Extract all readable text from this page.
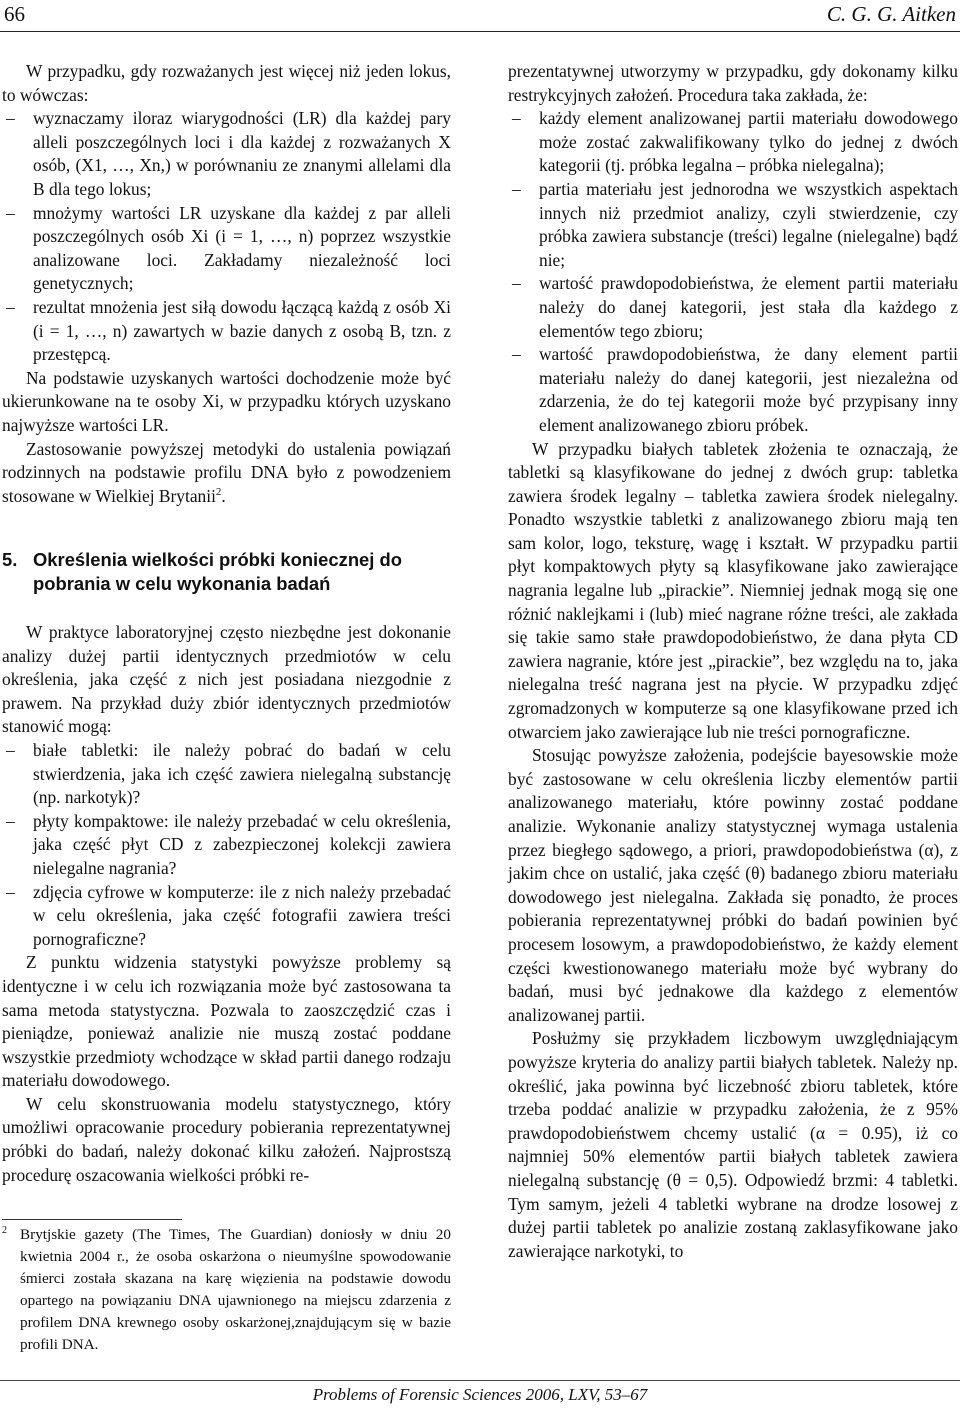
66	C. G. G. Aitken

W przypadku, gdy rozważanych jest więcej niż jeden lokus, to wówczas:

– wyznaczamy iloraz wiarygodności (LR) dla każdej pary alleli poszczególnych loci i dla każdej z rozważanych X osób, (X1, …, Xn,) w porównaniu ze znanymi allelami dla B dla tego lokus;

– mnożymy wartości LR uzyskane dla każdej z par alleli poszczególnych osób Xi (i = 1, …, n) poprzez wszystkie analizowane loci. Zakładamy niezależność loci genetycznych;

– rezultat mnożenia jest siłą dowodu łączącą każdą z osób Xi (i = 1, …, n) zawartych w bazie danych z osobą B, tzn. z przestępcą.

Na podstawie uzyskanych wartości dochodzenie może być ukierunkowane na te osoby Xi, w przypadku których uzyskano najwyższe wartości LR.

Zastosowanie powyższej metodyki do ustalenia powiązań rodzinnych na podstawie profilu DNA było z powodzeniem stosowane w Wielkiej Brytanii$^2$.

5. Określenia wielkości próbki koniecznej do pobrania w celu wykonania badań

W praktyce laboratoryjnej często niezbędne jest dokonanie analizy dużej partii identycznych przedmiotów w celu określenia, jaka część z nich jest posiadana niezgodnie z prawem. Na przykład duży zbiór identycznych przedmiotów stanowić mogą:

– białe tabletki: ile należy pobrać do badań w celu stwierdzenia, jaka ich część zawiera nielegalną substancję (np. narkotyk)?

– płyty kompaktowe: ile należy przebadać w celu określenia, jaka część płyt CD z zabezpieczonej kolekcji zawiera nielegalne nagrania?

– zdjęcia cyfrowe w komputerze: ile z nich należy przebadać w celu określenia, jaka część fotografii zawiera treści pornograficzne?

Z punktu widzenia statystyki powyższe problemy są identyczne i w celu ich rozwiązania może być zastosowana ta sama metoda statystyczna. Pozwala to zaoszczędzić czas i pieniądze, ponieważ analizie nie muszą zostać poddane wszystkie przedmioty wchodzące w skład partii danego rodzaju materiału dowodowego.

W celu skonstruowania modelu statystycznego, który umożliwi opracowanie procedury pobierania reprezentatywnej próbki do badań, należy dokonać kilku założeń. Najprostszą procedurę oszacowania wielkości próbki re-

2 Brytjskie gazety (The Times, The Guardian) doniosły w dniu 20 kwietnia 2004 r., że osoba oskarżona o nieumyślne spowodowanie śmierci została skazana na karę więzienia na podstawie dowodu opartego na powiązaniu DNA ujawnionego na miejscu zdarzenia z profilem DNA krewnego osoby oskarżonej,znajdującym się w bazie profili DNA.

prezentatywnej utworzymy w przypadku, gdy dokonamy kilku restrykcyjnych założeń. Procedura taka zakłada, że:

– każdy element analizowanej partii materiału dowodowego może zostać zakwalifikowany tylko do jednej z dwóch kategorii (tj. próbka legalna – próbka nielegalna);

– partia materiału jest jednorodna we wszystkich aspektach innych niż przedmiot analizy, czyli stwierdzenie, czy próbka zawiera substancje (treści) legalne (nielegalne) bądź nie;

– wartość prawdopodobieństwa, że element partii materiału należy do danej kategorii, jest stała dla każdego z elementów tego zbioru;

– wartość prawdopodobieństwa, że dany element partii materiału należy do danej kategorii, jest niezależna od zdarzenia, że do tej kategorii może być przypisany inny element analizowanego zbioru próbek.

W przypadku białych tabletek złożenia te oznaczają, że tabletki są klasyfikowane do jednej z dwóch grup: tabletka zawiera środek legalny – tabletka zawiera środek nielegalny. Ponadto wszystkie tabletki z analizowanego zbioru mają ten sam kolor, logo, teksturę, wagę i kształt. W przypadku partii płyt kompaktowych płyty są klasyfikowane jako zawierające nagrania legalne lub „pirackie”. Niemniej jednak mogą się one różnić naklejkami i (lub) mieć nagrane różne treści, ale zakłada się takie samo stałe prawdopodobieństwo, że dana płyta CD zawiera nagranie, które jest „pirackie”, bez względu na to, jaka nielegalna treść nagrana jest na płycie. W przypadku zdjęć zgromadzonych w komputerze są one klasyfikowane przed ich otwarciem jako zawierające lub nie treści pornograficzne.

Stosując powyższe założenia, podejście bayesowskie może być zastosowane w celu określenia liczby elementów partii analizowanego materiału, które powinny zostać poddane analizie. Wykonanie analizy statystycznej wymaga ustalenia przez biegłego sądowego, a priori, prawdopodobieństwa (α), z jakim chce on ustalić, jaka część (θ) badanego zbioru materiału dowodowego jest nielegalna. Zakłada się ponadto, że proces pobierania reprezentatywnej próbki do badań powinien być procesem losowym, a prawdopodobieństwo, że każdy element części kwestionowanego materiału może być wybrany do badań, musi być jednakowe dla każdego z elementów analizowanej partii.

Posłużmy się przykładem liczbowym uwzględniającym powyższe kryteria do analizy partii białych tabletek. Należy np. określić, jaka powinna być liczebność zbioru tabletek, które trzeba poddać analizie w przypadku założenia, że z 95% prawdopodobieństwem chcemy ustalić (α = 0.95), iż co najmniej 50% elementów partii białych tabletek zawiera nielegalną substancję (θ = 0,5). Odpowiedź brzmi: 4 tabletki. Tym samym, jeżeli 4 tabletki wybrane na drodze losowej z dużej partii tabletek po analizie zostaną zaklasyfikowane jako zawierające narkotyki, to

Problems of Forensic Sciences 2006, LXV, 53–67
